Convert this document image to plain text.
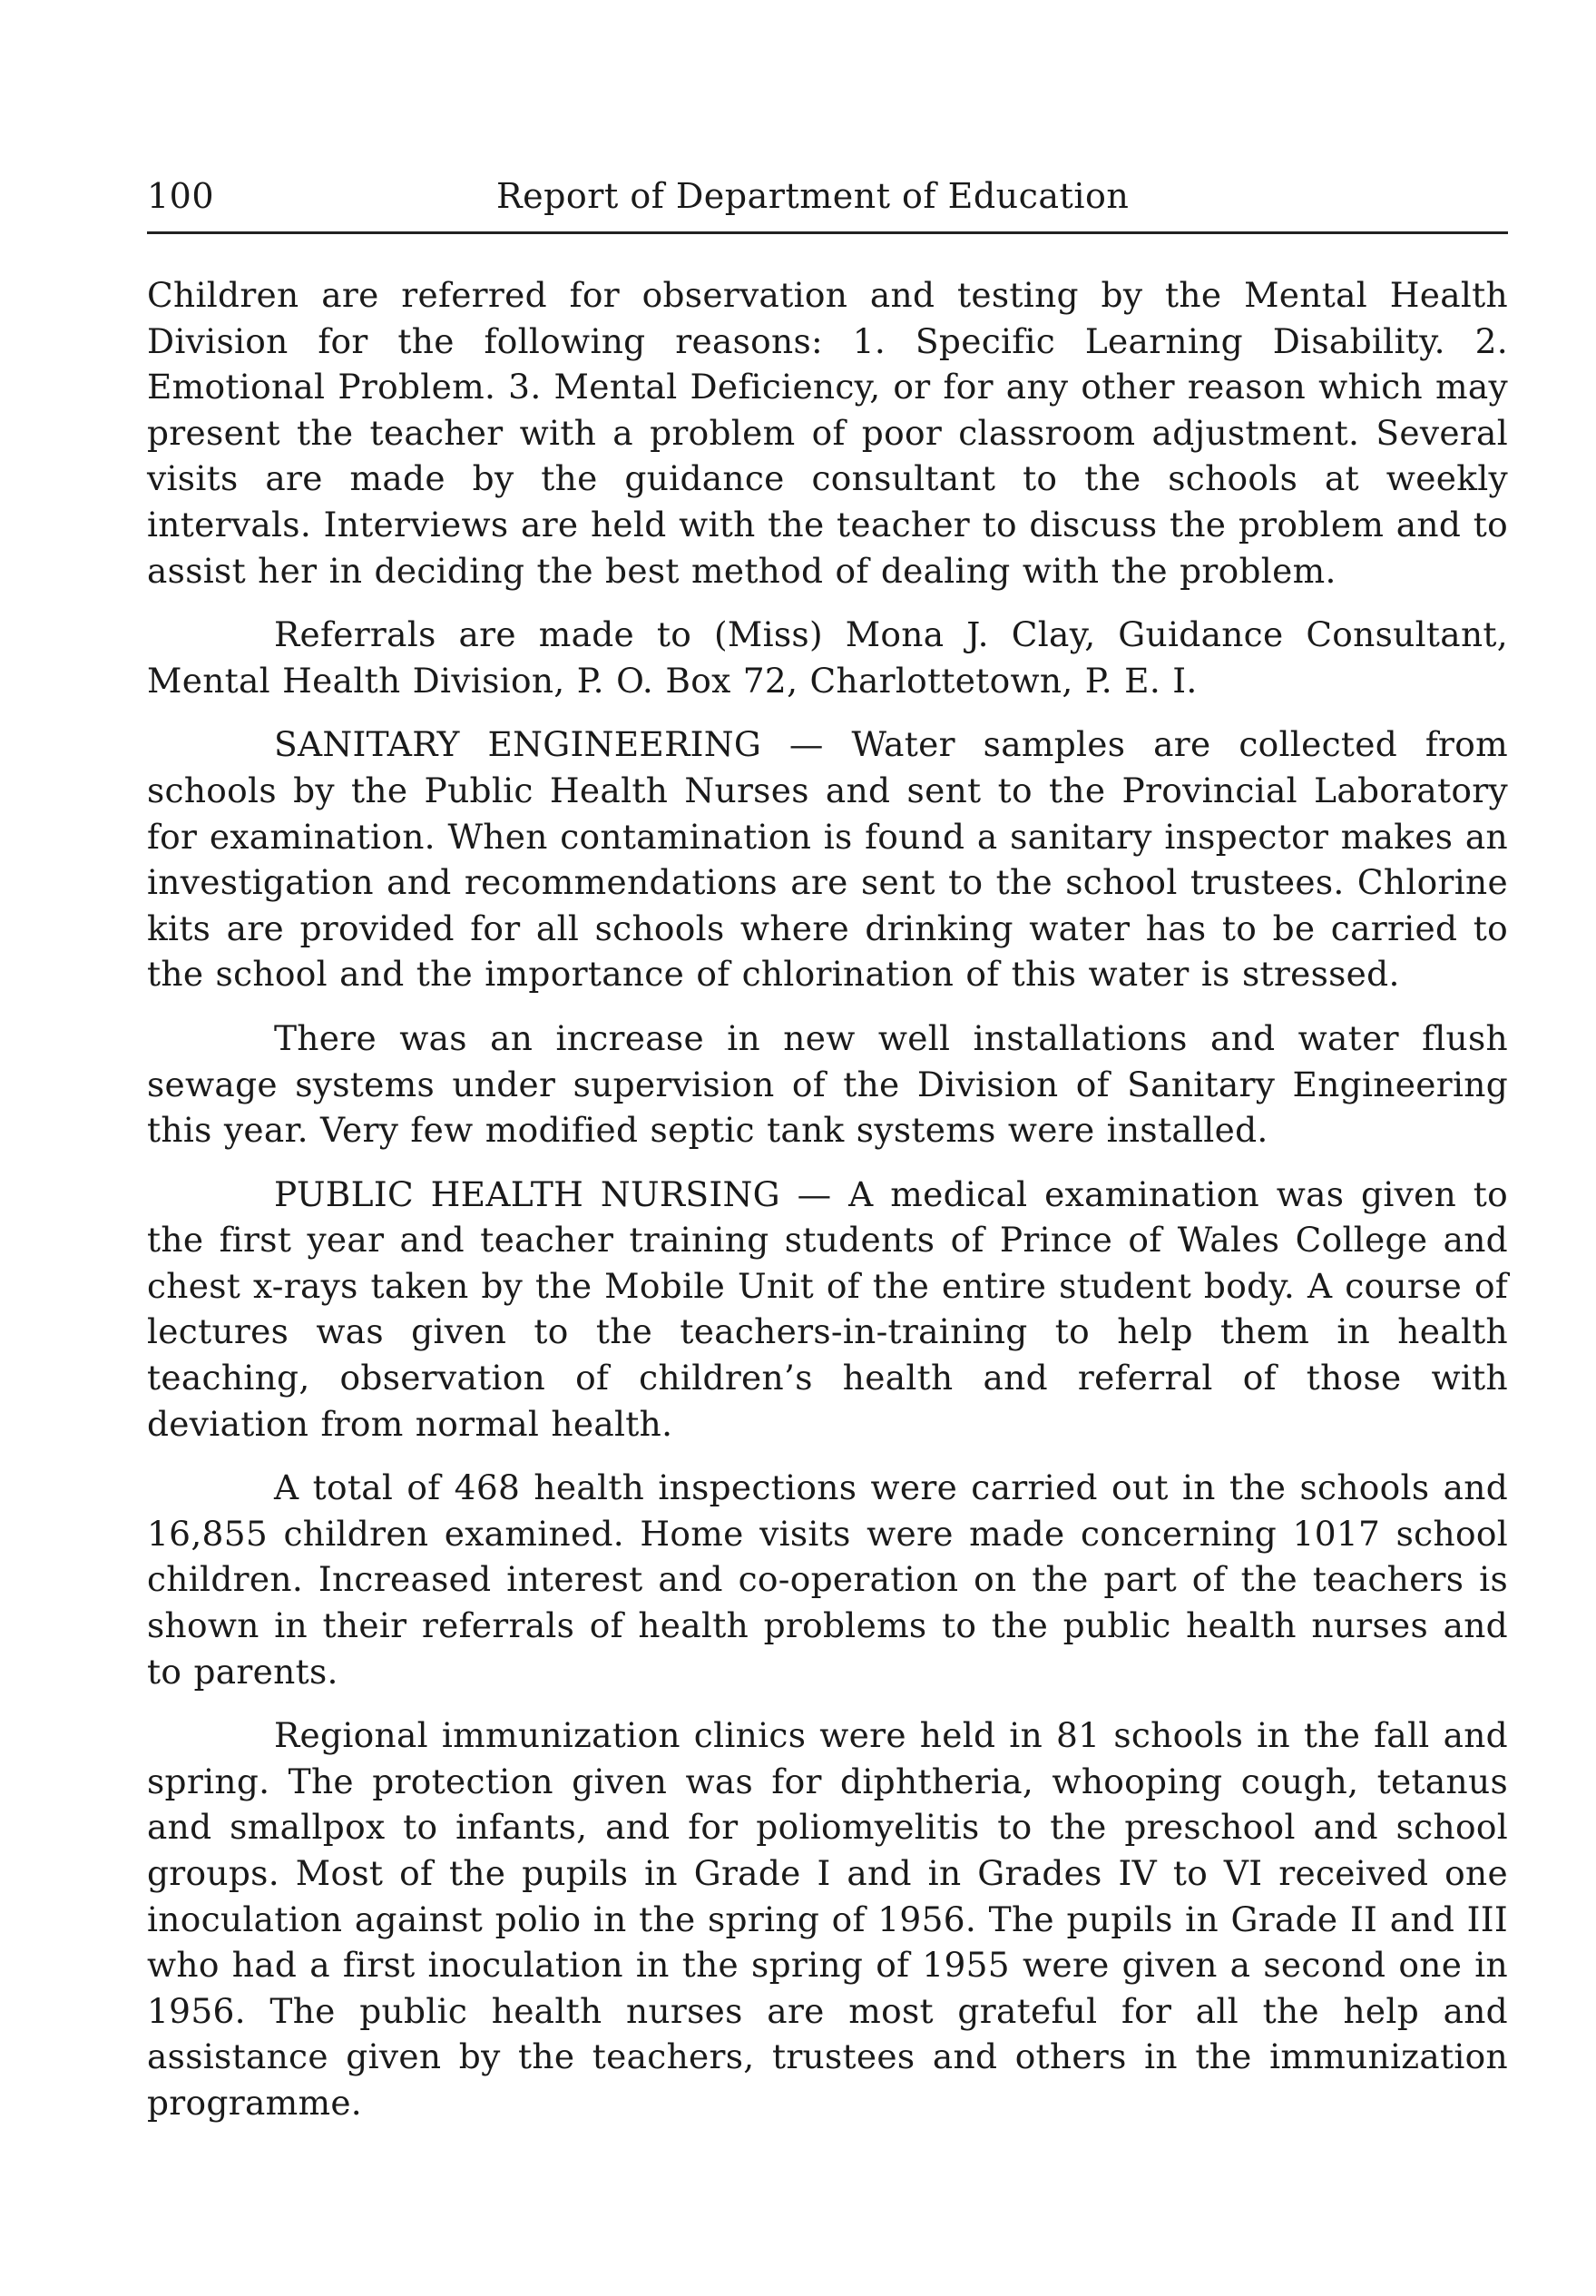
100	Report of Department of Education

Children are referred for observation and testing by the Mental Health Division for the following reasons: 1. Specific Learning Disability. 2. Emotional Problem. 3. Mental Deficiency, or for any other reason which may present the teacher with a problem of poor classroom adjustment. Several visits are made by the guidance consultant to the schools at weekly intervals. Interviews are held with the teacher to discuss the problem and to assist her in deciding the best method of dealing with the problem.

Referrals are made to (Miss) Mona J. Clay, Guidance Consultant, Mental Health Division, P. O. Box 72, Charlottetown, P. E. I.

SANITARY ENGINEERING — Water samples are collected from schools by the Public Health Nurses and sent to the Provincial Laboratory for examination. When contamination is found a sanitary inspector makes an investigation and recommendations are sent to the school trustees. Chlorine kits are provided for all schools where drinking water has to be carried to the school and the importance of chlorination of this water is stressed.

There was an increase in new well installations and water flush sewage systems under supervision of the Division of Sanitary Engineering this year. Very few modified septic tank systems were installed.

PUBLIC HEALTH NURSING — A medical examination was given to the first year and teacher training students of Prince of Wales College and chest x-rays taken by the Mobile Unit of the entire student body. A course of lectures was given to the teachers-in-training to help them in health teaching, observation of children’s health and referral of those with deviation from normal health.

A total of 468 health inspections were carried out in the schools and 16,855 children examined. Home visits were made concerning 1017 school children. Increased interest and co-operation on the part of the teachers is shown in their referrals of health problems to the public health nurses and to parents.

Regional immunization clinics were held in 81 schools in the fall and spring. The protection given was for diphtheria, whooping cough, tetanus and smallpox to infants, and for poliomyelitis to the preschool and school groups. Most of the pupils in Grade I and in Grades IV to VI received one inoculation against polio in the spring of 1956. The pupils in Grade II and III who had a first inoculation in the spring of 1955 were given a second one in 1956. The public health nurses are most grateful for all the help and assistance given by the teachers, trustees and others in the immunization programme.
